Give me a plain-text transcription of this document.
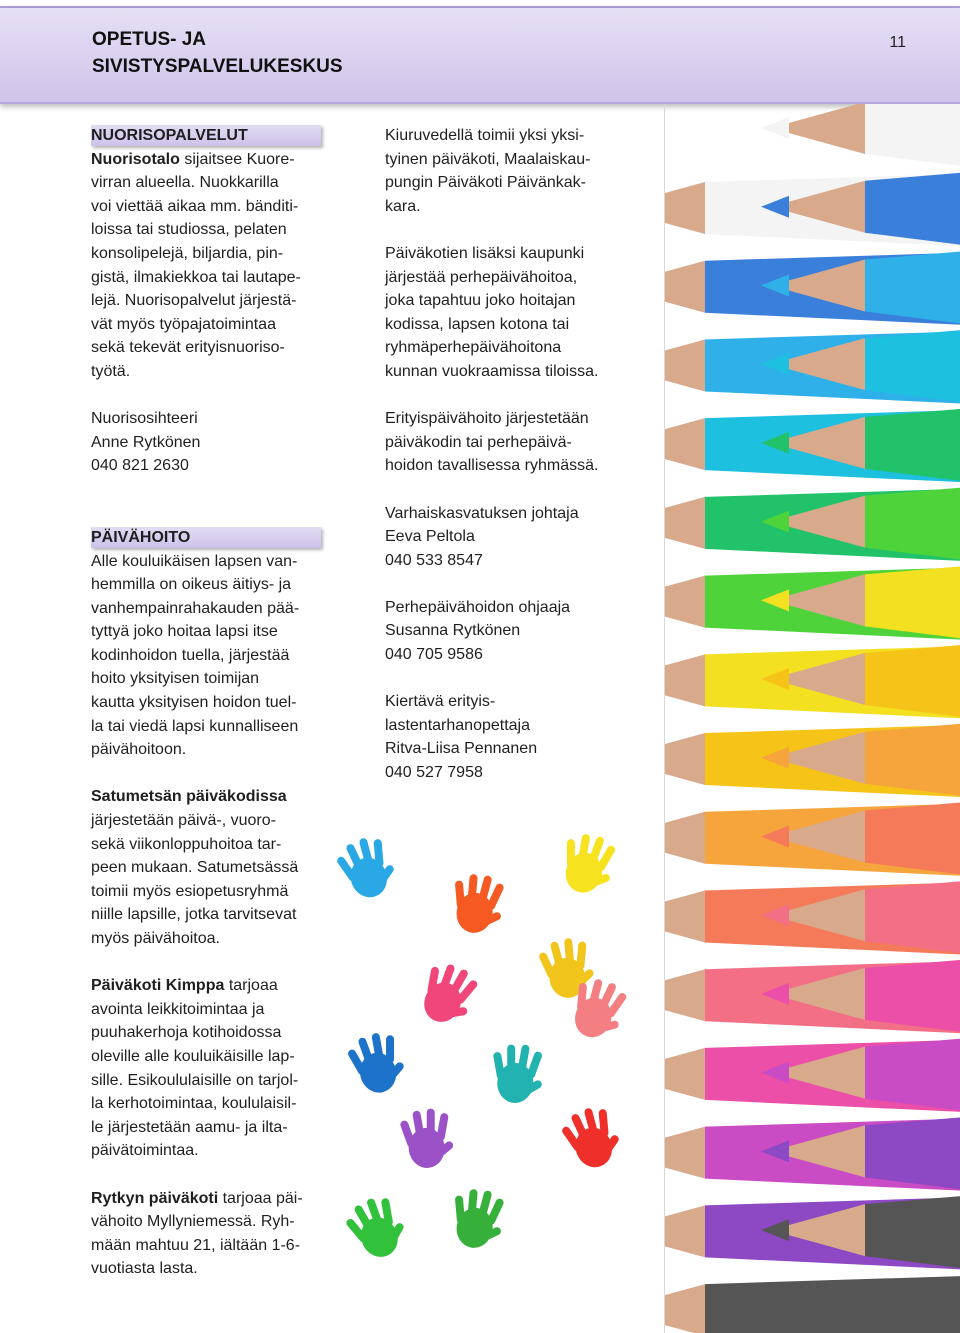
OPETUS- JA
SIVISTYSPALVELUKESKUS
11
NUORISOPALVELUT

Nuorisotalo sijaitsee Kuore-
virran alueella. Nuokkarilla
voi viettää aikaa mm. bänditi-
loissa tai studiossa, pelaten
konsolipelejä, biljardia, pin-
gistä, ilmakiekkoa tai lautape-
lejä. Nuorisopalvelut järjestä-
vät myös työpajatoimintaa
sekä tekevät erityisnuoriso-
työtä.

Nuorisosihteeri
Anne Rytkönen
040 821 2630

PÄIVÄHOITO

Alle kouluikäisen lapsen van-
hemmilla on oikeus äitiys- ja
vanhempainrahakauden pää-
tyttyä joko hoitaa lapsi itse
kodinhoidon tuella, järjestää
hoito yksityisen toimijan
kautta yksityisen hoidon tuel-
la tai viedä lapsi kunnalliseen
päivähoitoon.

Satumetsän päiväkodissa
järjestetään päivä-, vuoro-
sekä viikonloppuhoitoa tar-
peen mukaan. Satumetsässä
toimii myös esiopetusryhmä
niille lapsille, jotka tarvitsevat
myös päivähoitoa.

Päiväkoti Kimppa tarjoaa
avointa leikkitoimintaa ja
puuhakerhoja kotihoidossa
oleville alle kouluikäisille lap-
sille. Esikoululaisille on tarjol-
la kerhotoimintaa, koululaisil-
le järjestetään aamu- ja ilta-
päivätoimintaa.

Rytkyn päiväkoti tarjoaa päi-
vähoito Myllyniemessä. Ryh-
mään mahtuu 21, iältään 1-6-
vuotiasta lasta.

Kiuruvedellä toimii yksi yksi-
tyinen päiväkoti, Maalaiskau-
pungin Päiväkoti Päivänkak-
kara.

Päiväkotien lisäksi kaupunki
järjestää perhepäivähoitoa,
joka tapahtuu joko hoitajan
kodissa, lapsen kotona tai
ryhmäperhepäivähoitona
kunnan vuokraamissa tiloissa.

Erityispäivähoito järjestetään
päiväkodin tai perhepäivä-
hoidon tavallisessa ryhmässä.

Varhaiskasvatuksen johtaja
Eeva Peltola
040 533 8547

Perhepäivähoidon ohjaaja
Susanna Rytkönen
040 705 9586

Kiertävä erityis-
lastentarhanopettaja
Ritva-Liisa Pennanen
040 527 7958
